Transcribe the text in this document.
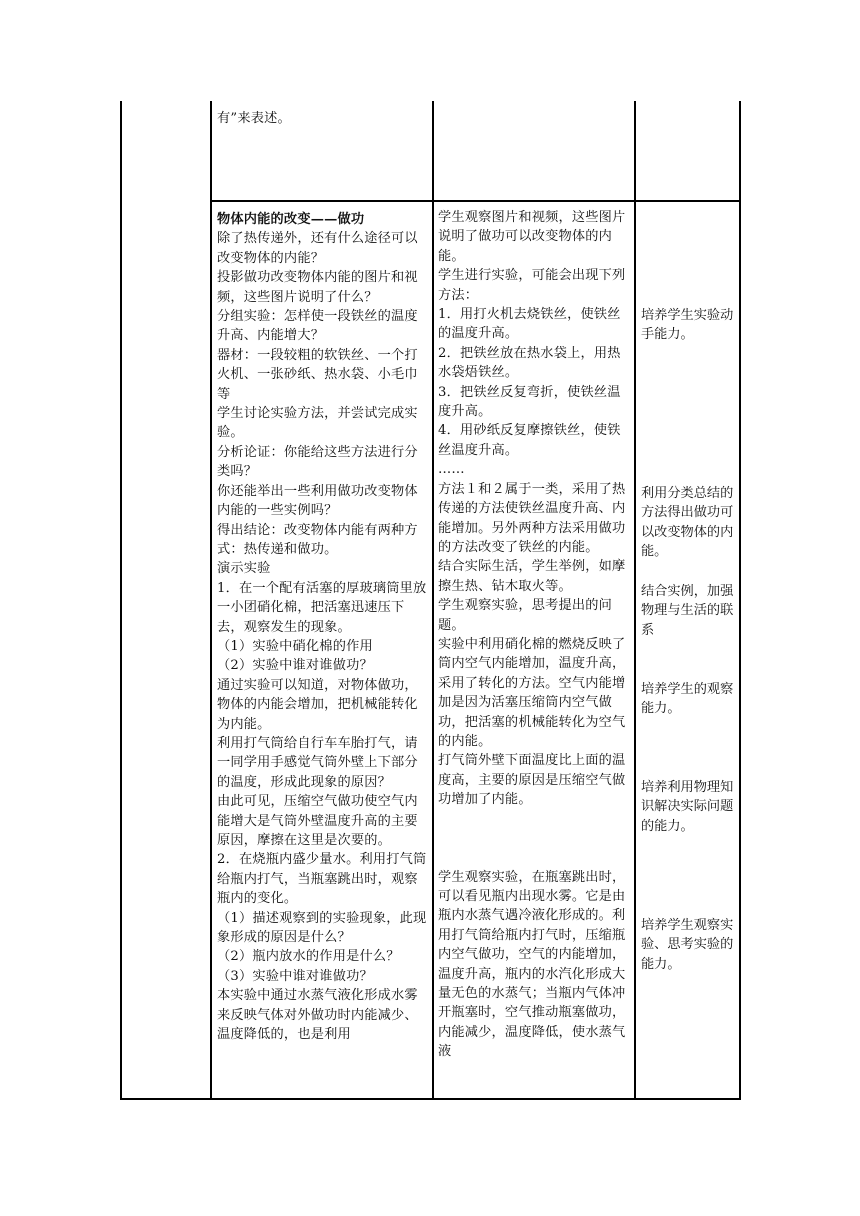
有”来表述。

物体内能的改变——做功

除了热传递外，还有什么途径可以改变物体的内能？

投影做功改变物体内能的图片和视频，这些图片说明了什么？

分组实验：怎样使一段铁丝的温度升高、内能增大？

器材：一段较粗的软铁丝、一个打火机、一张砂纸、热水袋、小毛巾等

学生讨论实验方法，并尝试完成实验。

分析论证：你能给这些方法进行分类吗？

你还能举出一些利用做功改变物体内能的一些实例吗？

得出结论：改变物体内能有两种方式：热传递和做功。

演示实验

1．在一个配有活塞的厚玻璃筒里放一小团硝化棉，把活塞迅速压下去，观察发生的现象。

（1）实验中硝化棉的作用

（2）实验中谁对谁做功？

通过实验可以知道，对物体做功，物体的内能会增加，把机械能转化为内能。

利用打气筒给自行车车胎打气，请一同学用手感觉气筒外壁上下部分的温度，形成此现象的原因？

由此可见，压缩空气做功使空气内能增大是气筒外壁温度升高的主要原因，摩擦在这里是次要的。

2．在烧瓶内盛少量水。利用打气筒给瓶内打气，当瓶塞跳出时，观察瓶内的变化。

（1）描述观察到的实验现象，此现象形成的原因是什么？

（2）瓶内放水的作用是什么？

（3）实验中谁对谁做功？

本实验中通过水蒸气液化形成水雾来反映气体对外做功时内能减少、温度降低的，也是利用

学生观察图片和视频，这些图片说明了做功可以改变物体的内能。

学生进行实验，可能会出现下列方法：

1．用打火机去烧铁丝，使铁丝的温度升高。

2．把铁丝放在热水袋上，用热水袋焐铁丝。

3．把铁丝反复弯折，使铁丝温度升高。

4．用砂纸反复摩擦铁丝，使铁丝温度升高。

……

方法１和２属于一类，采用了热传递的方法使铁丝温度升高、内能增加。另外两种方法采用做功的方法改变了铁丝的内能。

结合实际生活，学生举例，如摩擦生热、钻木取火等。

学生观察实验，思考提出的问题。

实验中利用硝化棉的燃烧反映了筒内空气内能增加，温度升高，采用了转化的方法。空气内能增加是因为活塞压缩筒内空气做功，把活塞的机械能转化为空气的内能。

打气筒外壁下面温度比上面的温度高，主要的原因是压缩空气做功增加了内能。

学生观察实验，在瓶塞跳出时，可以看见瓶内出现水雾。它是由瓶内水蒸气遇冷液化形成的。利用打气筒给瓶内打气时，压缩瓶内空气做功，空气的内能增加，温度升高，瓶内的水汽化形成大量无色的水蒸气；当瓶内气体冲开瓶塞时，空气推动瓶塞做功，内能减少，温度降低，使水蒸气液

培养学生实验动手能力。
利用分类总结的方法得出做功可以改变物体的内能。
结合实例，加强物理与生活的联系
培养学生的观察能力。
培养利用物理知识解决实际问题的能力。
培养学生观察实验、思考实验的能力。
